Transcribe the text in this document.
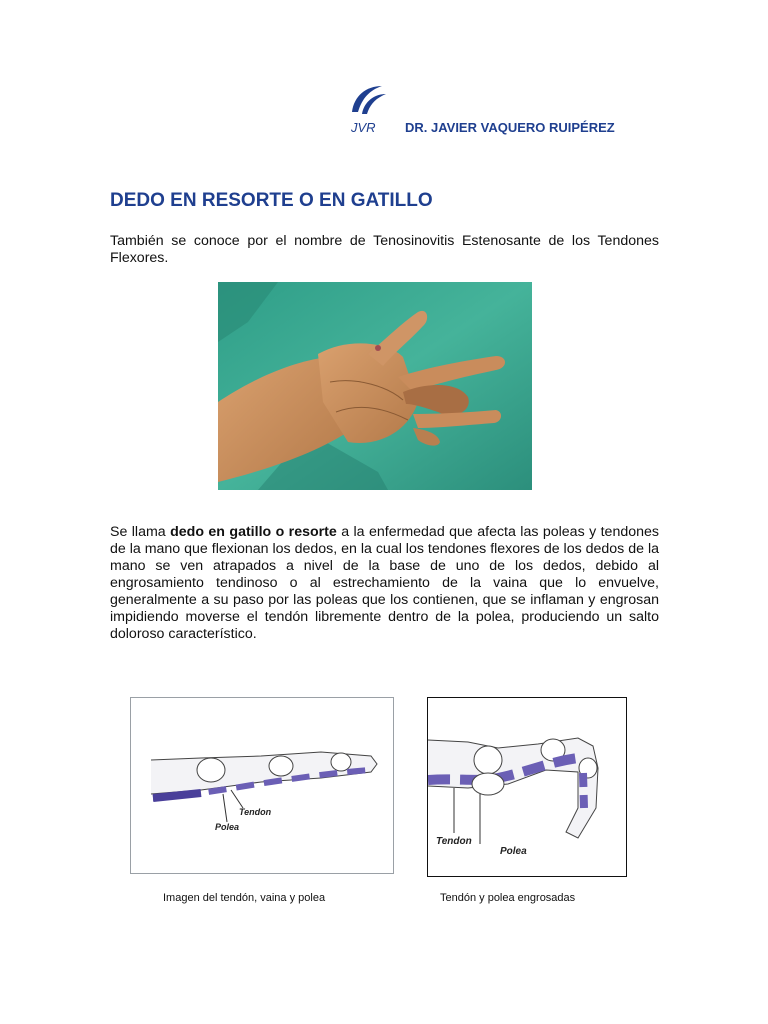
JVR DR. JAVIER VAQUERO RUIPÉREZ
DEDO EN RESORTE O EN GATILLO

También se conoce por el nombre de Tenosinovitis Estenosante de los Tendones Flexores.

Se llama dedo en gatillo o resorte a la enfermedad que afecta las poleas y tendones de la mano que flexionan los dedos, en la cual los tendones flexores de los dedos de la mano se ven atrapados a nivel de la base de uno de los dedos, debido al engrosamiento tendinoso o al estrechamiento de la vaina que lo envuelve, generalmente a su paso por las poleas que los contienen, que se inflaman y engrosan impidiendo moverse el tendón libremente dentro de la polea, produciendo un salto doloroso característico.

Tendon
Polea
Tendon
Polea
Imagen del tendón, vaina y polea	Tendón y polea engrosadas
